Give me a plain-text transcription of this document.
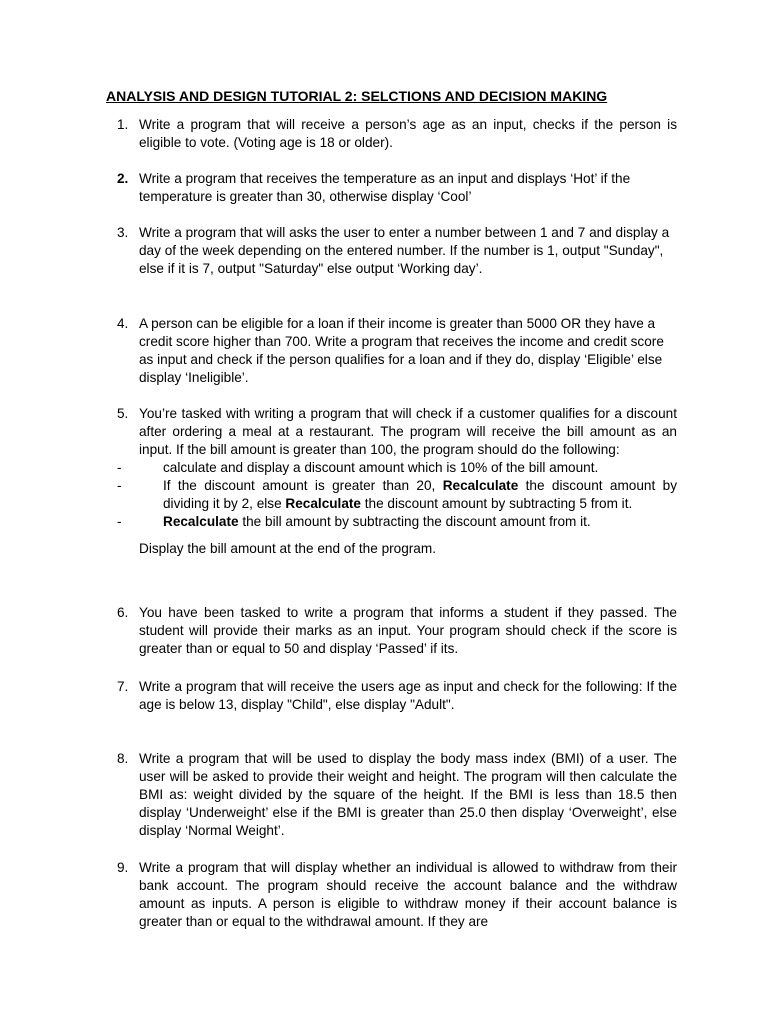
ANALYSIS AND DESIGN TUTORIAL 2: SELCTIONS AND DECISION MAKING
1. Write a program that will receive a person’s age as an input, checks if the person is eligible to vote. (Voting age is 18 or older).
2. Write a program that receives the temperature as an input and displays ‘Hot’ if the temperature is greater than 30, otherwise display ‘Cool’
3. Write a program that will asks the user to enter a number between 1 and 7 and display a day of the week depending on the entered number. If the number is 1, output "Sunday", else if it is 7, output "Saturday" else output ‘Working day’.
4. A person can be eligible for a loan if their income is greater than 5000 OR they have a credit score higher than 700. Write a program that receives the income and credit score as input and check if the person qualifies for a loan and if they do, display ‘Eligible’ else display ‘Ineligible’.
5. You’re tasked with writing a program that will check if a customer qualifies for a discount after ordering a meal at a restaurant. The program will receive the bill amount as an input. If the bill amount is greater than 100, the program should do the following:
-	calculate and display a discount amount which is 10% of the bill amount.
-	If the discount amount is greater than 20, Recalculate the discount amount by dividing it by 2, else Recalculate the discount amount by subtracting 5 from it.
-	Recalculate the bill amount by subtracting the discount amount from it.
Display the bill amount at the end of the program.
6. You have been tasked to write a program that informs a student if they passed. The student will provide their marks as an input. Your program should check if the score is greater than or equal to 50 and display ‘Passed’ if its.
7. Write a program that will receive the users age as input and check for the following: If the age is below 13, display "Child", else display "Adult".
8. Write a program that will be used to display the body mass index (BMI) of a user. The user will be asked to provide their weight and height. The program will then calculate the BMI as: weight divided by the square of the height. If the BMI is less than 18.5 then display ‘Underweight’ else if the BMI is greater than 25.0 then display ‘Overweight’, else display ‘Normal Weight’.
9. Write a program that will display whether an individual is allowed to withdraw from their bank account. The program should receive the account balance and the withdraw amount as inputs. A person is eligible to withdraw money if their account balance is greater than or equal to the withdrawal amount. If they are
